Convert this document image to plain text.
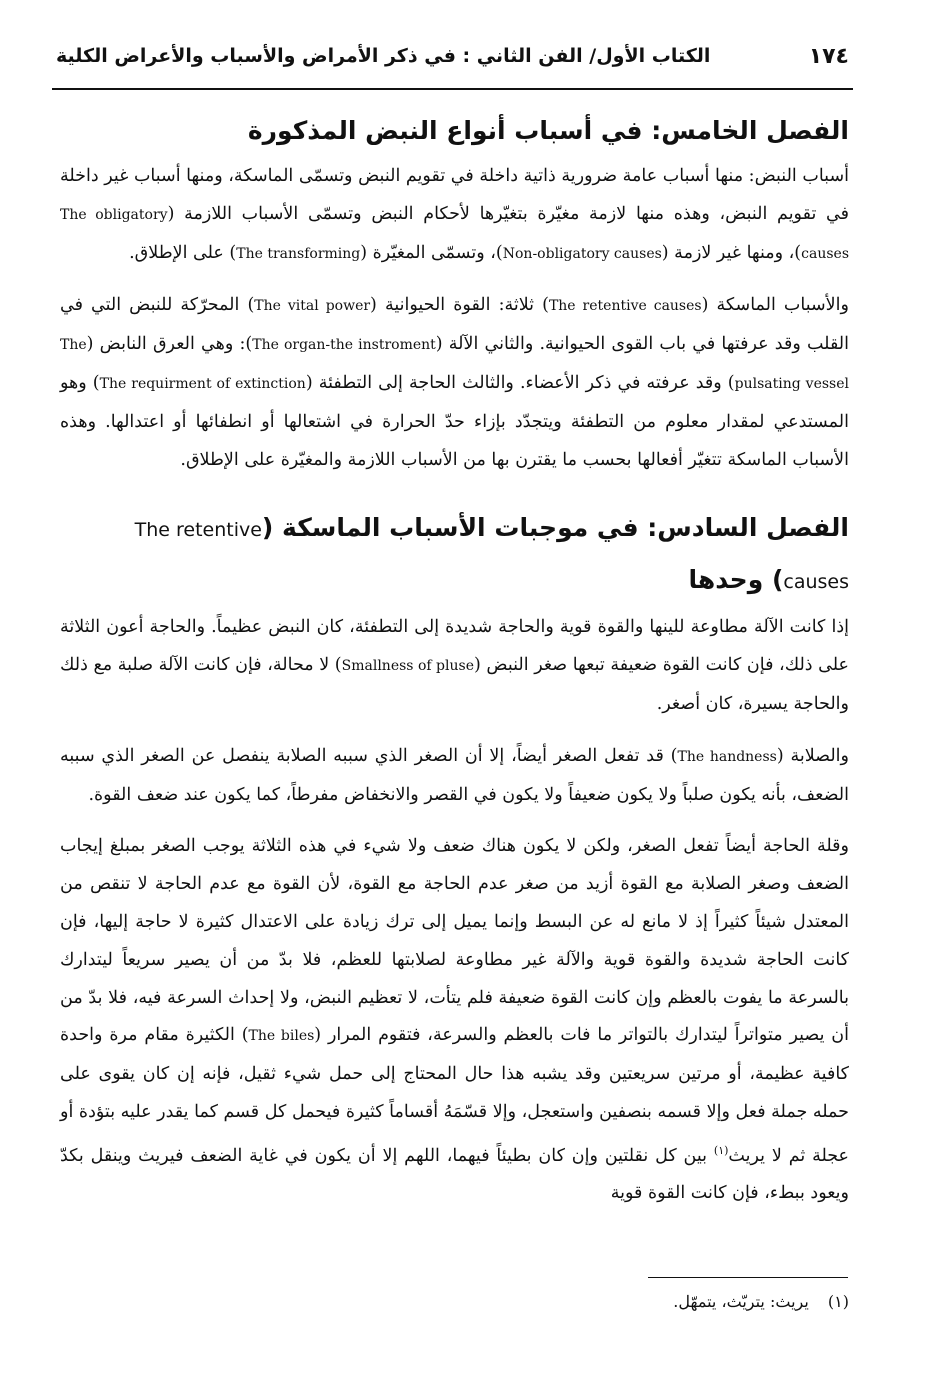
١٧٤
الكتاب الأول/ الفن الثاني : في ذكر الأمراض والأسباب والأعراض الكلية
الفصل الخامس: في أسباب أنواع النبض المذكورة

أسباب النبض: منها أسباب عامة ضرورية ذاتية داخلة في تقويم النبض وتسمّى الماسكة، ومنها أسباب غير داخلة في تقويم النبض، وهذه منها لازمة مغيّرة بتغيّرها لأحكام النبض وتسمّى الأسباب اللازمة (The obligatory causes)، ومنها غير لازمة (Non-obligatory causes)، وتسمّى المغيّرة (The transforming) على الإطلاق.

والأسباب الماسكة (The retentive causes) ثلاثة: القوة الحيوانية (The vital power) المحرّكة للنبض التي في القلب وقد عرفتها في باب القوى الحيوانية. والثاني الآلة (The organ-the instroment): وهي العرق النابض (The pulsating vessel) وقد عرفته في ذكر الأعضاء. والثالث الحاجة إلى التطفئة (The requirment of extinction) وهو المستدعي لمقدار معلوم من التطفئة ويتجدّد بإزاء حدّ الحرارة في اشتعالها أو انطفائها أو اعتدالها. وهذه الأسباب الماسكة تتغيّر أفعالها بحسب ما يقترن بها من الأسباب اللازمة والمغيّرة على الإطلاق.

الفصل السادس: في موجبات الأسباب الماسكة (The retentive causes) وحدها

إذا كانت الآلة مطاوعة للينها والقوة قوية والحاجة شديدة إلى التطفئة، كان النبض عظيماً. والحاجة أعون الثلاثة على ذلك، فإن كانت القوة ضعيفة تبعها صغر النبض (Smallness of pluse) لا محالة، فإن كانت الآلة صلبة مع ذلك والحاجة يسيرة، كان أصغر.

والصلابة (The handness) قد تفعل الصغر أيضاً، إلا أن الصغر الذي سببه الصلابة ينفصل عن الصغر الذي سببه الضعف، بأنه يكون صلباً ولا يكون ضعيفاً ولا يكون في القصر والانخفاض مفرطاً، كما يكون عند ضعف القوة.

وقلة الحاجة أيضاً تفعل الصغر، ولكن لا يكون هناك ضعف ولا شيء في هذه الثلاثة يوجب الصغر بمبلغ إيجاب الضعف وصغر الصلابة مع القوة أزيد من صغر عدم الحاجة مع القوة، لأن القوة مع عدم الحاجة لا تنقص من المعتدل شيئاً كثيراً إذ لا مانع له عن البسط وإنما يميل إلى ترك زيادة على الاعتدال كثيرة لا حاجة إليها، فإن كانت الحاجة شديدة والقوة قوية والآلة غير مطاوعة لصلابتها للعظم، فلا بدّ من أن يصير سريعاً ليتدارك بالسرعة ما يفوت بالعظم وإن كانت القوة ضعيفة فلم يتأت، لا تعظيم النبض، ولا إحداث السرعة فيه، فلا بدّ من أن يصير متواتراً ليتدارك بالتواتر ما فات بالعظم والسرعة، فتقوم المرار (The biles) الكثيرة مقام مرة واحدة كافية عظيمة، أو مرتين سريعتين وقد يشبه هذا حال المحتاج إلى حمل شيء ثقيل، فإنه إن كان يقوى على حمله جملة فعل وإلا قسمه بنصفين واستعجل، وإلا قسّمَهُ أقساماً كثيرة فيحمل كل قسم كما يقدر عليه بتؤدة أو عجلة ثم لا يريث$^{(١)}$ بين كل نقلتين وإن كان بطيئاً فيهما، اللهم إلا أن يكون في غاية الضعف فيريث وينقل بكدّ ويعود ببطء، فإن كانت القوة قوية

(١) يريث: يتريّث، يتمهّل.
